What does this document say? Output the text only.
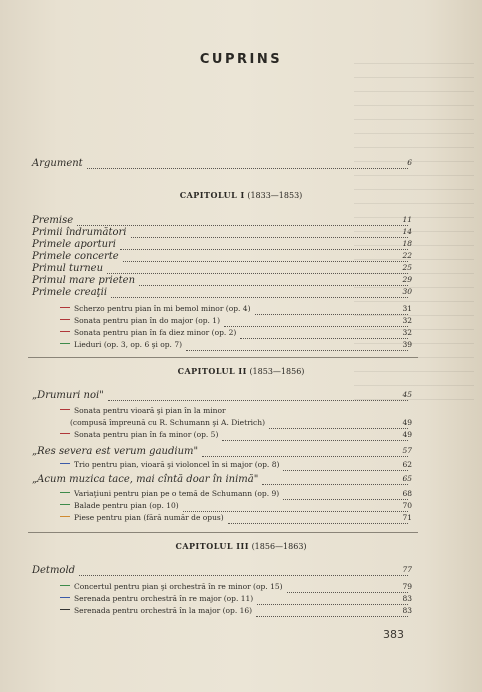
CUPRINS
Argument	6
CAPITOLUL I (1833—1853)
Premise	11
Primii îndrumători	14
Primele aporturi	18
Primele concerte	22
Primul turneu	25
Primul mare prieten	29
Primele creaţii	30
Scherzo pentru pian în mi bemol minor (op. 4)	31
Sonata pentru pian în do major (op. 1)	32
Sonata pentru pian în fa diez minor (op. 2)	32
Lieduri (op. 3, op. 6 şi op. 7)	39
CAPITOLUL II (1853—1856)
„Drumuri noi"	45
Sonata pentru vioară şi pian în la minor
(compusă împreună cu R. Schumann şi A. Dietrich)	49
Sonata pentru pian în fa minor (op. 5)	49
„Res severa est verum gaudium"	57
Trio pentru pian, vioară şi violoncel în si major (op. 8)	62
„Acum muzica tace, mai cîntă doar în inimă"	65
Variaţiuni pentru pian pe o temă de Schumann (op. 9)	68
Balade pentru pian (op. 10)	70
Piese pentru pian (fără număr de opus)	71
CAPITOLUL III (1856—1863)
Detmold	77
Concertul pentru pian şi orchestră în re minor (op. 15)	79
Serenada pentru orchestră în re major (op. 11)	83
Serenada pentru orchestră în la major (op. 16)	83
383
